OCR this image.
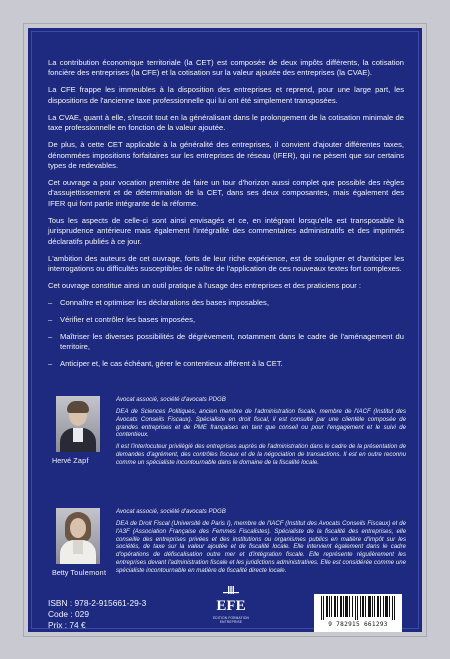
La contribution économique territoriale (la CET) est composée de deux impôts différents, la cotisation foncière des entreprises (la CFE) et la cotisation sur la valeur ajoutée des entreprises (la CVAE).

La CFE frappe les immeubles à la disposition des entreprises et reprend, pour une large part, les dispositions de l'ancienne taxe professionnelle qui lui ont été simplement transposées.

La CVAE, quant à elle, s'inscrit tout en la généralisant dans le prolongement de la cotisation minimale de taxe professionnelle en fonction de la valeur ajoutée.

De plus, à cette CET applicable à la généralité des entreprises, il convient d'ajouter différentes taxes, dénommées impositions forfaitaires sur les entreprises de réseau (IFER), qui ne pèsent que sur certains types de redevables.

Cet ouvrage a pour vocation première de faire un tour d'horizon aussi complet que possible des règles d'assujettissement et de détermination de la CET, dans ses deux composantes, mais également des IFER qui font partie intégrante de la réforme.

Tous les aspects de celle-ci sont ainsi envisagés et ce, en intégrant lorsqu'elle est transposable la jurisprudence antérieure mais également l'intégralité des commentaires administratifs et des imprimés déclaratifs publiés à ce jour.

L'ambition des auteurs de cet ouvrage, forts de leur riche expérience, est de souligner et d'anticiper les interrogations ou difficultés susceptibles de naître de l'application de ces nouveaux textes fort complexes.

Cet ouvrage constitue ainsi un outil pratique à l'usage des entreprises et des praticiens pour :

– Connaître et optimiser les déclarations des bases imposables,
– Vérifier et contrôler les bases imposées,
– Maîtriser les diverses possibilités de dégrèvement, notamment dans le cadre de l'aménagement du territoire,
– Anticiper et, le cas échéant, gérer le contentieux afférent à la CET.
Hervé Zapf

Avocat associé, société d'avocats PDGB

DEA de Sciences Politiques, ancien membre de l'administration fiscale, membre de l'IACF (Institut des Avocats Conseils Fiscaux). Spécialiste en droit fiscal, il est consulté par une clientèle composée de grandes entreprises et de PME françaises en tant que conseil ou pour l'engagement et le suivi de contentieux.

Il est l'interlocuteur privilégié des entreprises auprès de l'administration dans le cadre de la présentation de demandes d'agrément, des contrôles fiscaux et de la négociation de transactions. Il est en outre reconnu comme un spécialiste incontournable dans le domaine de la fiscalité locale.

Betty Toulemont

Avocat associé, société d'avocats PDGB

DEA de Droit Fiscal (Université de Paris I), membre de l'IACF (Institut des Avocats Conseils Fiscaux) et de l'A3F (Association Française des Femmes Fiscalistes). Spécialiste de la fiscalité des entreprises, elle conseille des entreprises privées et des institutions ou organismes publics en matière d'impôt sur les sociétés, de taxe sur la valeur ajoutée et de fiscalité locale. Elle intervient également dans le cadre d'opérations de défiscalisation outre mer et d'intégration fiscale. Elle représente régulièrement les entreprises devant l'administration fiscale et les juridictions administratives. Elle est considérée comme une spécialiste incontournable en matière de fiscalité directe locale.

ISBN : 978-2-915661-29-3
Code : 029
Prix : 74 €
EFE
EDITION FORMATION
ENTREPRISE	9 782915 661293
